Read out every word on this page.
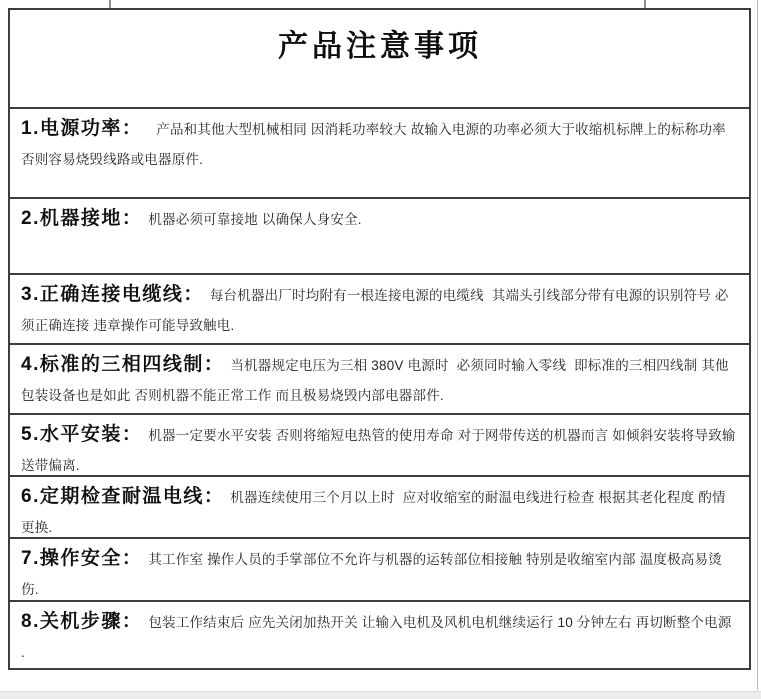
产品注意事项

1.电源功率：  产品和其他大型机械相同 因消耗功率较大 故输入电源的功率必须大于收缩机标牌上的标称功率 否则容易烧毁线路或电器原件.

2.机器接地： 机器必须可靠接地 以确保人身安全.

3.正确连接电缆线： 每台机器出厂时均附有一根连接电源的电缆线  其端头引线部分带有电源的识别符号 必须正确连接 违章操作可能导致触电.

4.标准的三相四线制： 当机器规定电压为三相 380V 电源时  必须同时输入零线  即标准的三相四线制 其他包装设备也是如此 否则机器不能正常工作 而且极易烧毁内部电器部件.

5.水平安装： 机器一定要水平安装 否则将缩短电热管的使用寿命 对于网带传送的机器而言 如倾斜安装将导致输送带偏离.

6.定期检查耐温电线： 机器连续使用三个月以上时  应对收缩室的耐温电线进行检查 根据其老化程度 酌情更换.

7.操作安全： 其工作室 操作人员的手掌部位不允许与机器的运转部位相接触 特别是收缩室内部 温度极高易烫伤.

8.关机步骤： 包装工作结束后 应先关闭加热开关 让输入电机及风机电机继续运行 10 分钟左右 再切断整个电源 .
